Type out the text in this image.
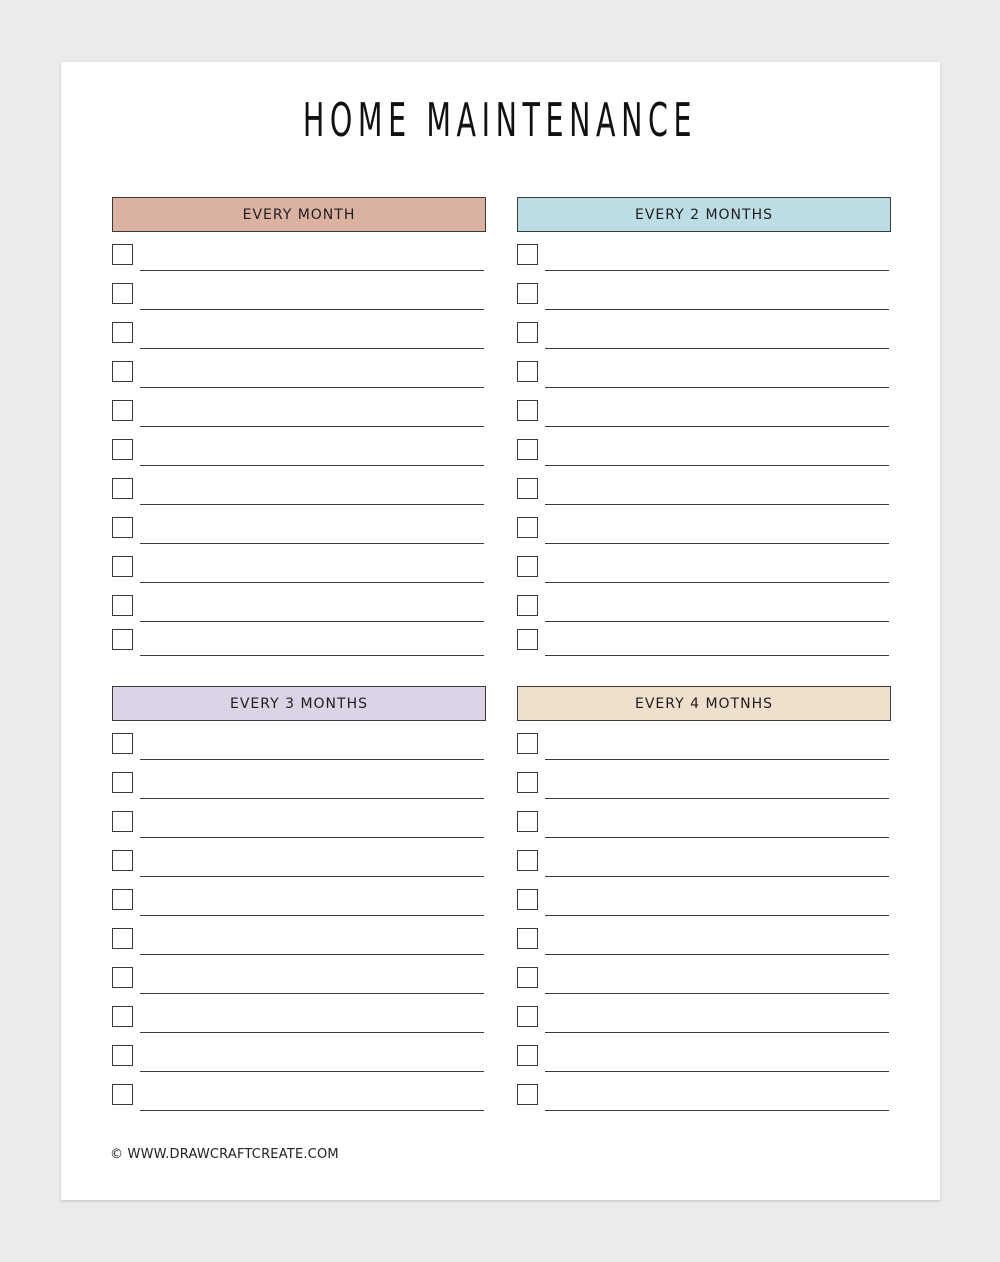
HOME MAINTENANCE
EVERY MONTH	EVERY 2 MONTHS
EVERY 3 MONTHS	EVERY 4 MOTNHS
© WWW.DRAWCRAFTCREATE.COM
